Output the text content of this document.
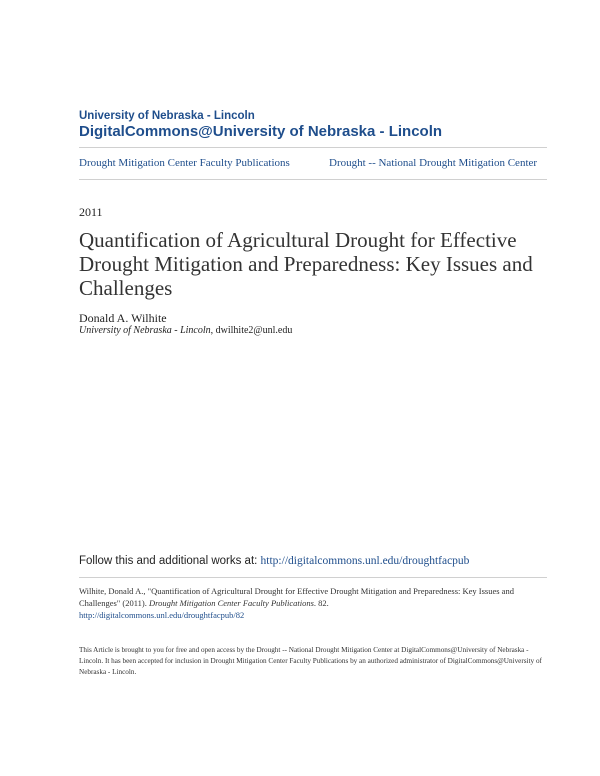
University of Nebraska - Lincoln
DigitalCommons@University of Nebraska - Lincoln
Drought Mitigation Center Faculty Publications	Drought -- National Drought Mitigation Center
2011
Quantification of Agricultural Drought for Effective Drought Mitigation and Preparedness: Key Issues and Challenges
Donald A. Wilhite
University of Nebraska - Lincoln, dwilhite2@unl.edu
Follow this and additional works at: http://digitalcommons.unl.edu/droughtfacpub
Wilhite, Donald A., "Quantification of Agricultural Drought for Effective Drought Mitigation and Preparedness: Key Issues and Challenges" (2011). Drought Mitigation Center Faculty Publications. 82.
http://digitalcommons.unl.edu/droughtfacpub/82
This Article is brought to you for free and open access by the Drought -- National Drought Mitigation Center at DigitalCommons@University of Nebraska - Lincoln. It has been accepted for inclusion in Drought Mitigation Center Faculty Publications by an authorized administrator of DigitalCommons@University of Nebraska - Lincoln.
